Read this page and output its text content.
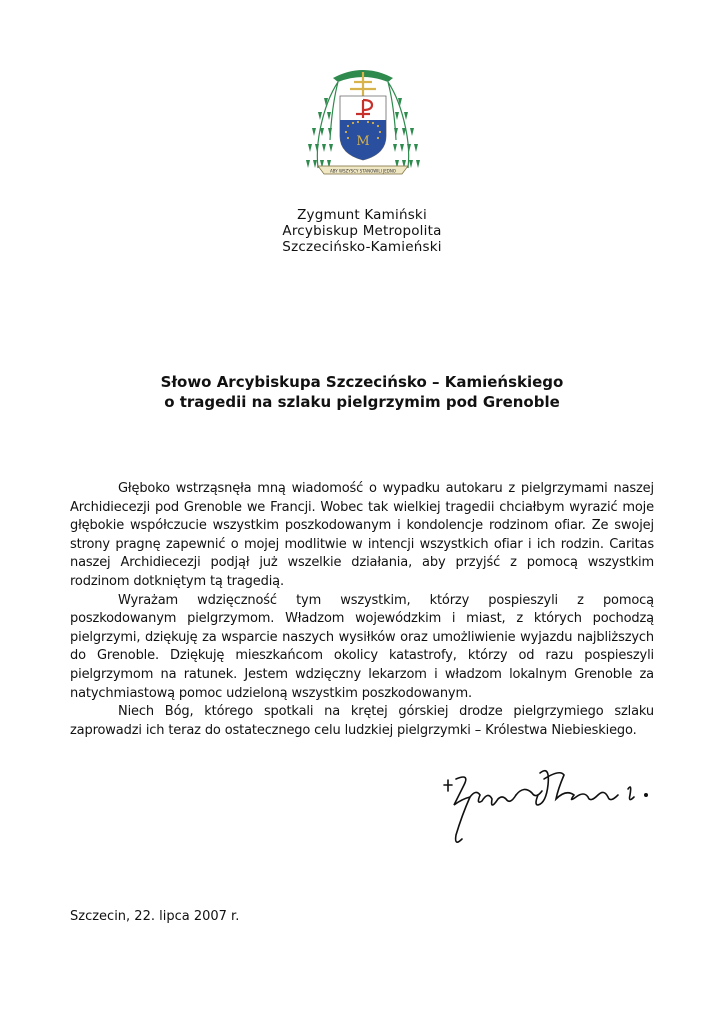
M
ABY WSZYSCY STANOWILI JEDNO
Zygmunt Kamiński
Arcybiskup Metropolita
Szczecińsko-Kamieński
Słowo Arcybiskupa Szczecińsko – Kamieńskiego
o tragedii na szlaku pielgrzymim pod Grenoble

Głęboko wstrząsnęła mną wiadomość o wypadku autokaru z pielgrzymami naszej Archidiecezji pod Grenoble we Francji. Wobec tak wielkiej tragedii chciałbym wyrazić moje głębokie współczucie wszystkim poszkodowanym i kondolencje rodzinom ofiar. Ze swojej strony pragnę zapewnić o mojej modlitwie w intencji wszystkich ofiar i ich rodzin. Caritas naszej Archidiecezji podjął już wszelkie działania, aby przyjść z pomocą wszystkim rodzinom dotkniętym tą tragedią.

Wyrażam wdzięczność tym wszystkim, którzy pospieszyli z pomocą poszkodowanym pielgrzymom. Władzom wojewódzkim i miast, z których pochodzą pielgrzymi, dziękuję za wsparcie naszych wysiłków oraz umożliwienie wyjazdu najbliższych do Grenoble. Dziękuję mieszkańcom okolicy katastrofy, którzy od razu pospieszyli pielgrzymom na ratunek. Jestem wdzięczny lekarzom i władzom lokalnym Grenoble za natychmiastową pomoc udzieloną wszystkim poszkodowanym.

Niech Bóg, którego spotkali na krętej górskiej drodze pielgrzymiego szlaku zaprowadzi ich teraz do ostatecznego celu ludzkiej pielgrzymki – Królestwa Niebieskiego.

Szczecin, 22. lipca 2007 r.
